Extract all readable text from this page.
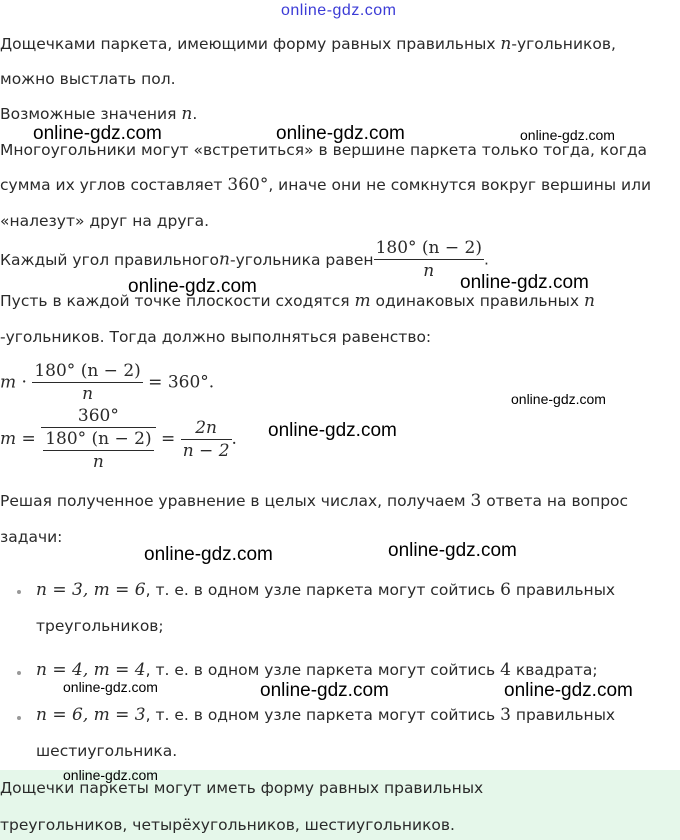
online-gdz.com
Дощечками паркета, имеющими форму равных правильных n-угольников,
можно выстлать пол.
Возможные значения n.
Многоугольники могут «встретиться» в вершине паркета только тогда, когда
сумма их углов составляет 360°, иначе они не сомкнутся вокруг вершины или
«налезут» друг на друга.
Каждый угол правильногоn-угольника равен $\frac{180^\circ (n - 2)}{n}$ .
Пусть в каждой точке плоскости сходятся m одинаковых правильных n
-угольников. Тогда должно выполняться равенство:
$m \cdot \frac{180^\circ (n - 2)}{n} = 360^\circ$.
$m = \frac{360^\circ}{\frac{180^\circ (n - 2)}{n}} = \frac{2n}{n - 2}$ .
Решая полученное уравнение в целых числах, получаем 3 ответа на вопрос
задачи:
n = 3, m = 6, т. е. в одном узле паркета могут сойтись 6 правильных
треугольников;
n = 4, m = 4, т. е. в одном узле паркета могут сойтись 4 квадрата;
n = 6, m = 3, т. е. в одном узле паркета могут сойтись 3 правильных
шестиугольника.
Дощечки паркеты могут иметь форму равных правильных
треугольников, четырёхугольников, шестиугольников.
online-gdz.com	online-gdz.com	online-gdz.com
online-gdz.com
online-gdz.com
online-gdz.com
online-gdz.com
online-gdz.com
online-gdz.com
online-gdz.com	online-gdz.com	online-gdz.com
online-gdz.com
